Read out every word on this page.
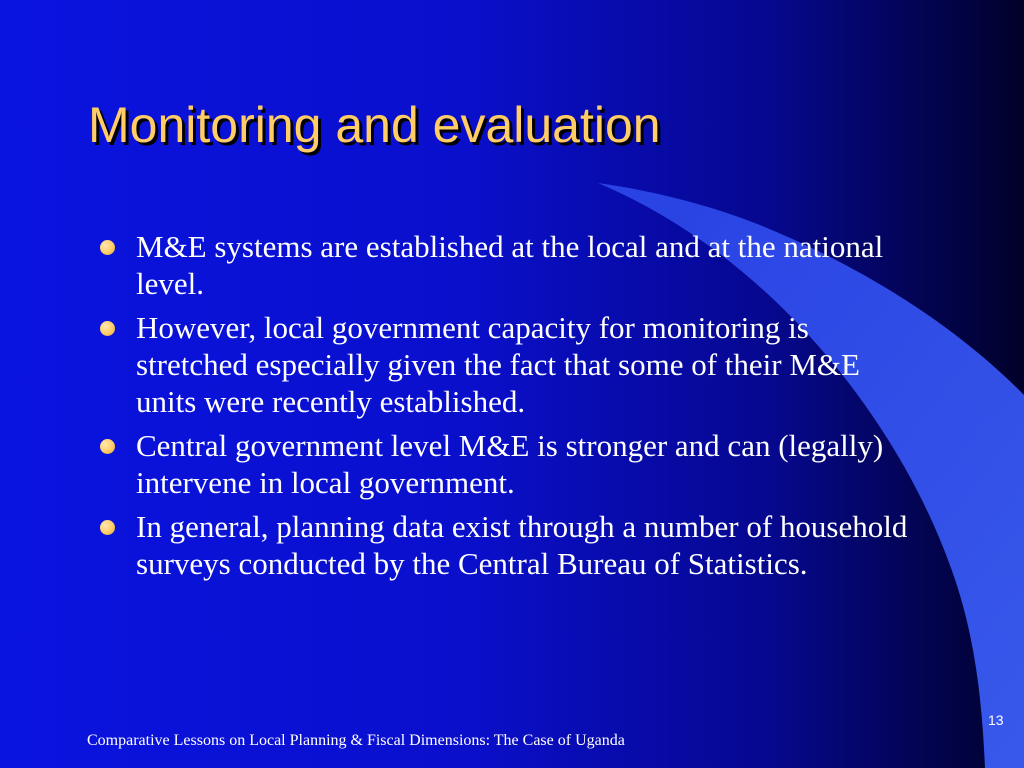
Monitoring and evaluation
M&E systems are established at the local and at the national level.
However, local government capacity for monitoring is stretched especially given the fact that some of their M&E units were recently established.
Central government level M&E is stronger and can (legally) intervene in local government.
In general, planning data exist through a number of household surveys conducted by the Central Bureau of Statistics.
Comparative Lessons on Local Planning & Fiscal Dimensions: The Case of Uganda
13
